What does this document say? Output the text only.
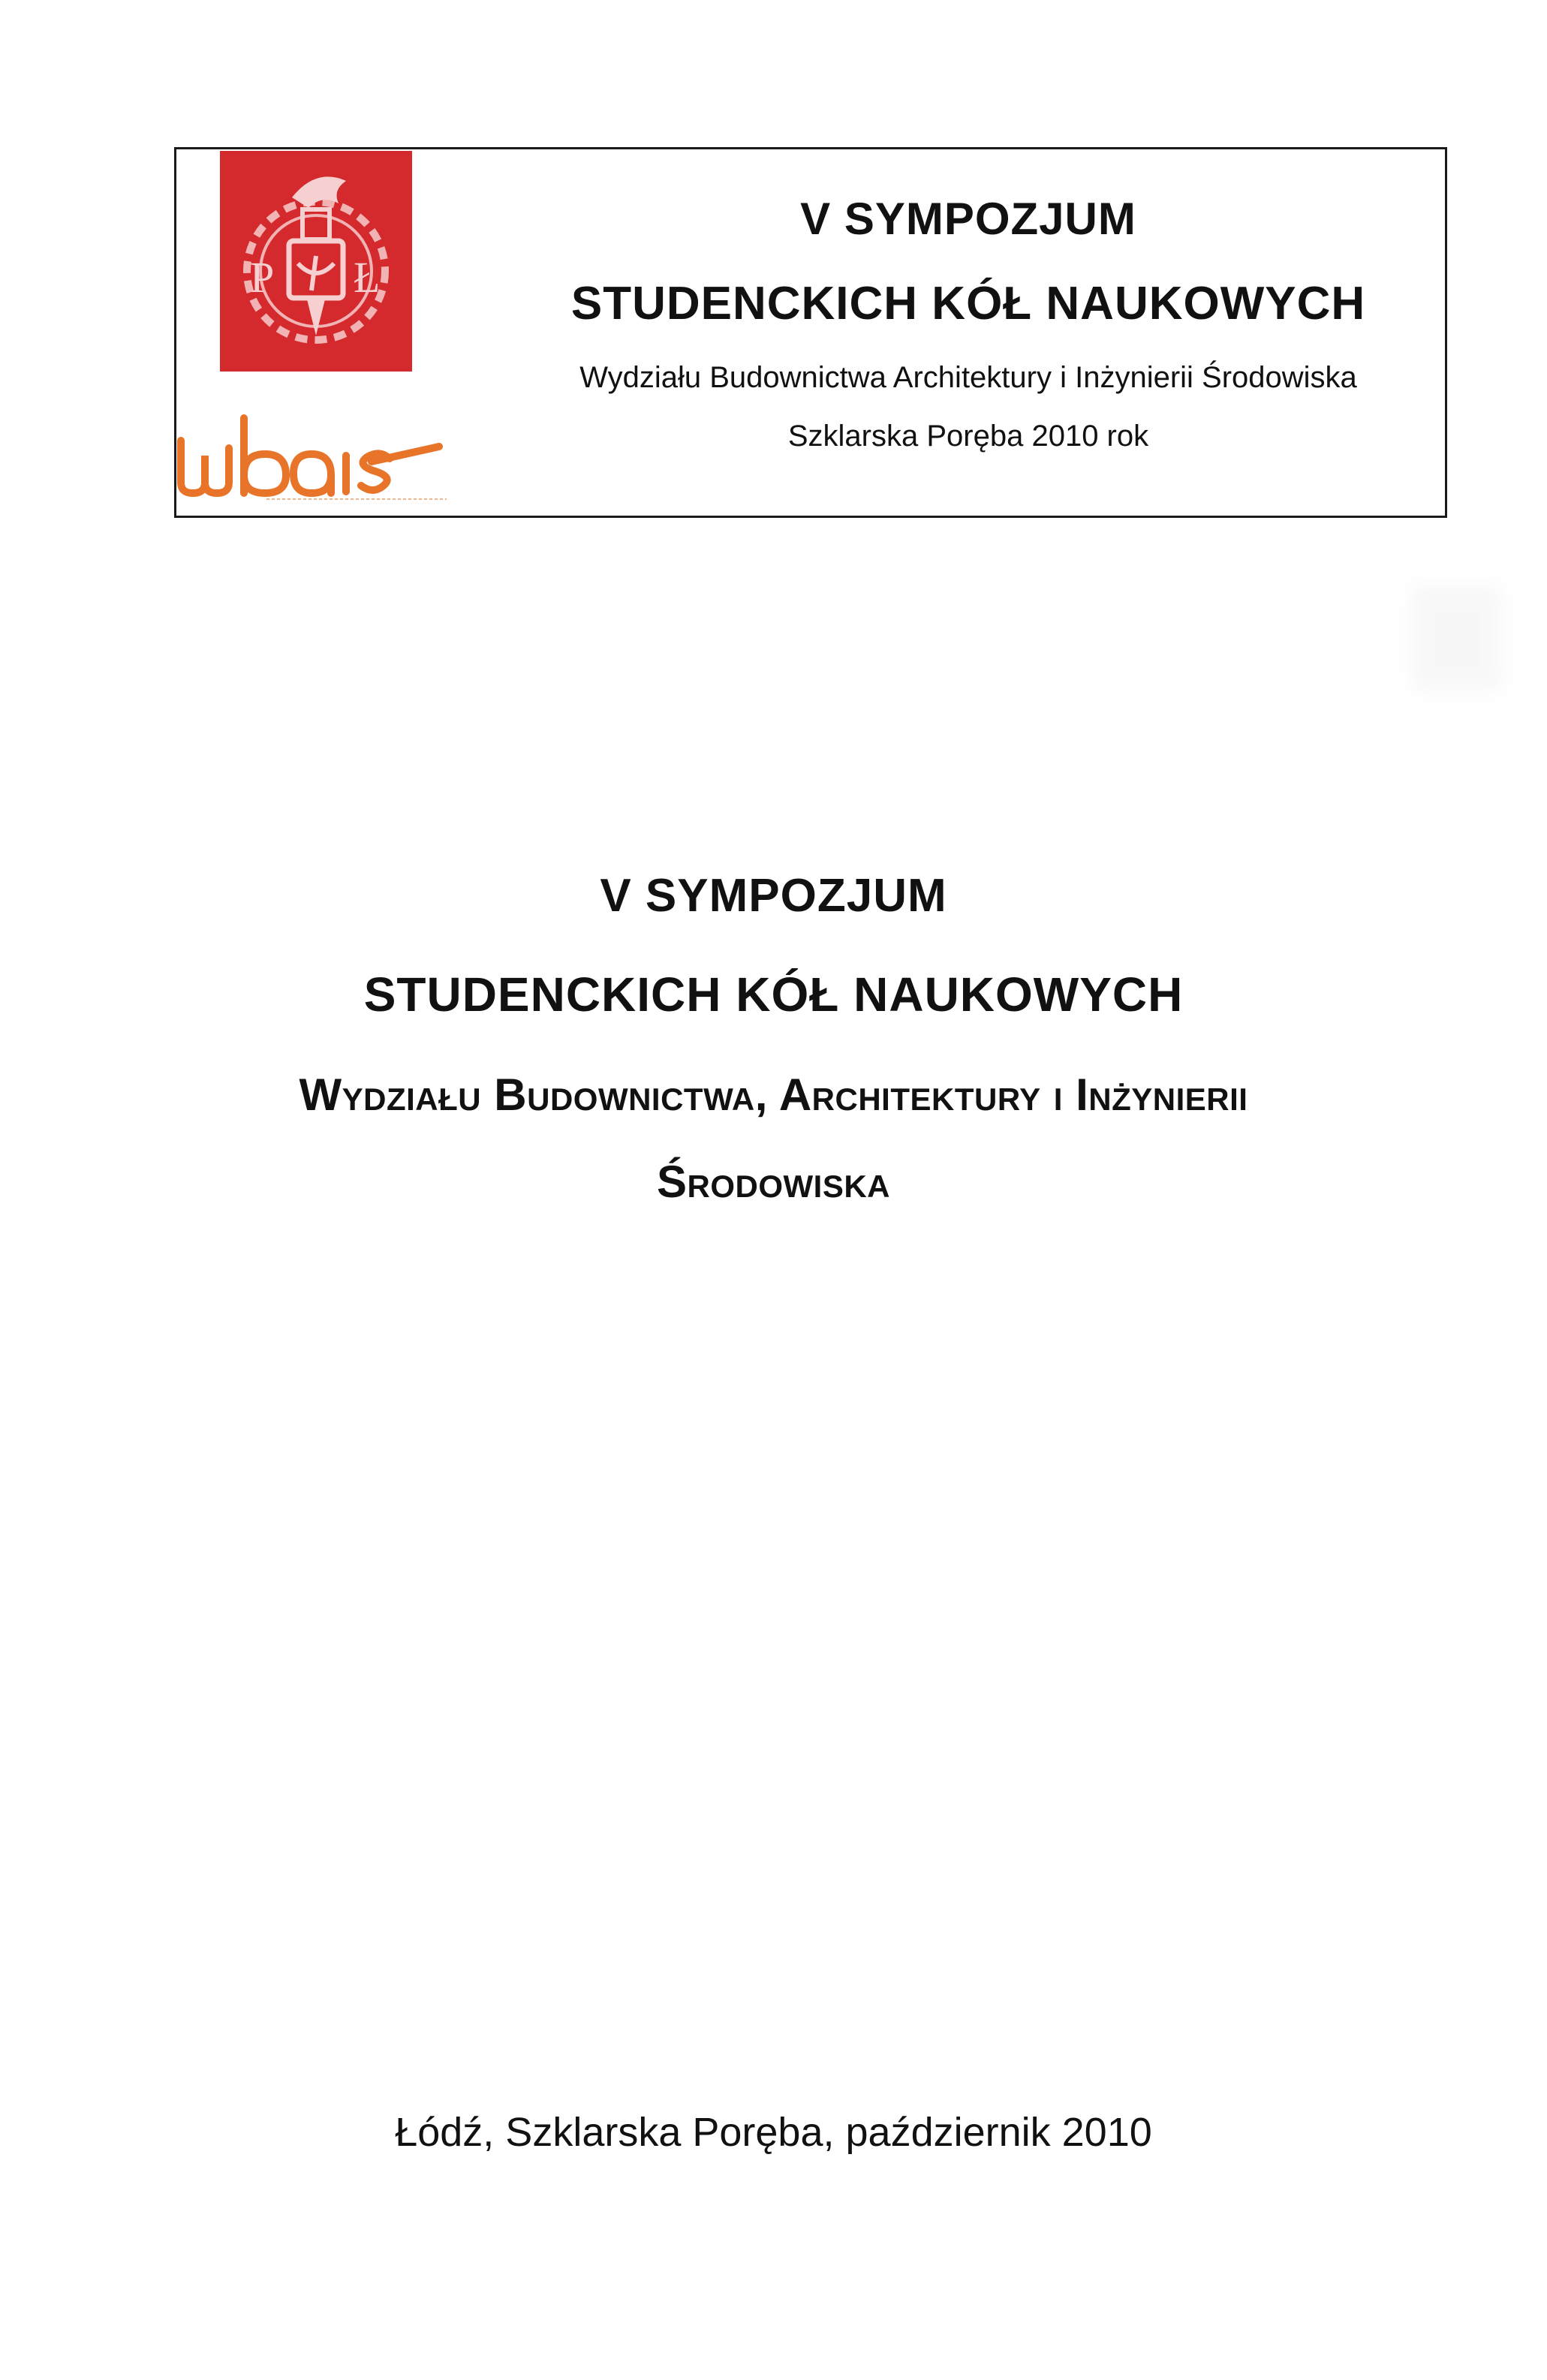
P Ł
V SYMPOZJUM
STUDENCKICH KÓŁ NAUKOWYCH
Wydziału Budownictwa Architektury i Inżynierii Środowiska
Szklarska Poręba 2010 rok
V SYMPOZJUM
STUDENCKICH KÓŁ NAUKOWYCH
Wydziału Budownictwa, Architektury i Inżynierii
Środowiska
Łódź, Szklarska Poręba, październik 2010
